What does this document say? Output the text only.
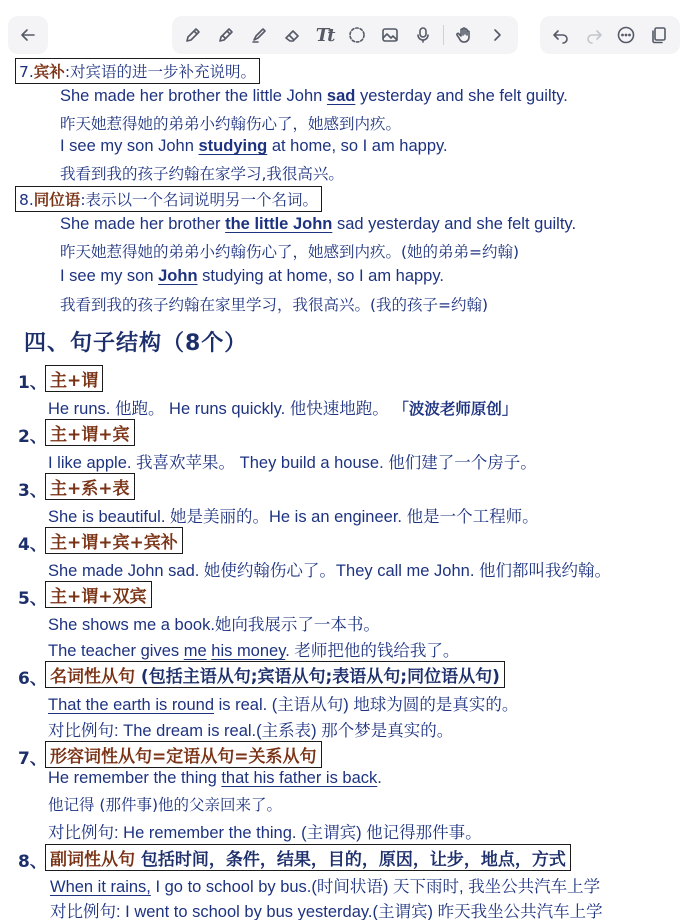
Tt
7.宾补:对宾语的进一步补充说明。
She made her brother the little John sad yesterday and she felt guilty.
昨天她惹得她的弟弟小约翰伤心了，她感到内疚。
I see my son John studying at home, so I am happy.
我看到我的孩子约翰在家学习,我很高兴。
8.同位语:表示以一个名词说明另一个名词。
She made her brother the little John sad yesterday and she felt guilty.
昨天她惹得她的弟弟小约翰伤心了，她感到内疚。(她的弟弟=约翰)
I see my son John studying at home, so I am happy.
我看到我的孩子约翰在家里学习，我很高兴。(我的孩子=约翰)
四、句子结构（8个）
1、 主+谓
He runs. 他跑。 He runs quickly. 他快速地跑。 「波波老师原创」
2、 主+谓+宾
I like apple. 我喜欢苹果。 They build a house. 他们建了一个房子。
3、 主+系+表
She is beautiful. 她是美丽的。He is an engineer. 他是一个工程师。
4、 主+谓+宾+宾补
She made John sad. 她使约翰伤心了。They call me John. 他们都叫我约翰。
5、 主+谓+双宾
She shows me a book.她向我展示了一本书。
The teacher gives me his money. 老师把他的钱给我了。
6、 名词性从句 (包括主语从句;宾语从句;表语从句;同位语从句)
That the earth is round is real. (主语从句) 地球为圆的是真实的。
对比例句: The dream is real.(主系表) 那个梦是真实的。
7、 形容词性从句=定语从句=关系从句
He remember the thing that his father is back.
他记得 (那件事)他的父亲回来了。
对比例句: He remember the thing. (主谓宾) 他记得那件事。
8、 副词性从句 包括时间，条件，结果，目的，原因，让步，地点，方式
When it rains, I go to school by bus.(时间状语) 天下雨时, 我坐公共汽车上学
对比例句: I went to school by bus yesterday.(主谓宾) 昨天我坐公共汽车上学
